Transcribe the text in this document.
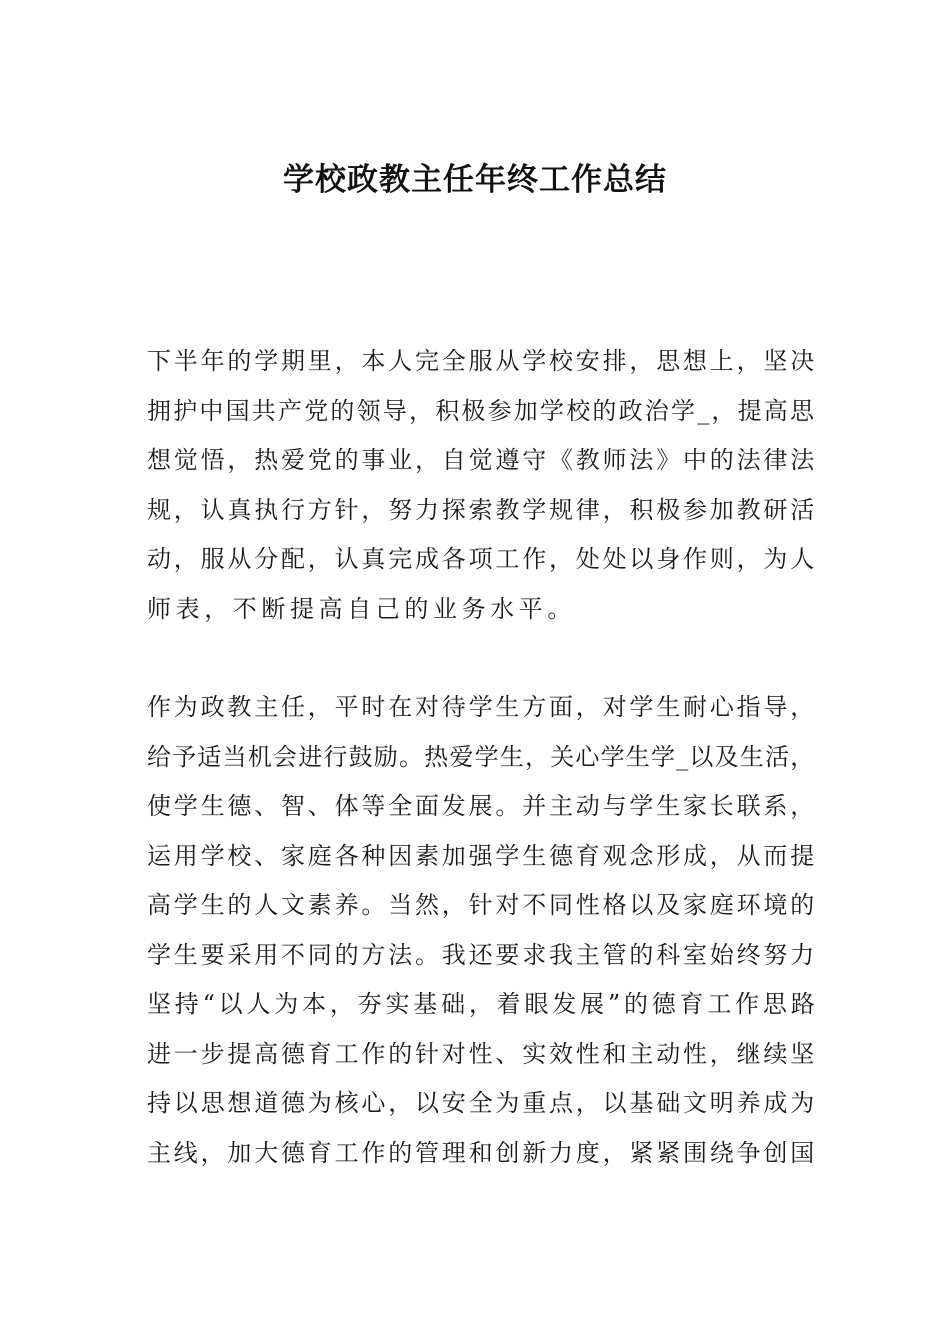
学校政教主任年终工作总结
下半年的学期里，本人完全服从学校安排，思想上，坚决
拥护中国共产党的领导，积极参加学校的政治学_，提高思
想觉悟，热爱党的事业，自觉遵守《教师法》中的法律法
规，认真执行方针，努力探索教学规律，积极参加教研活
动，服从分配，认真完成各项工作，处处以身作则，为人
师表，不断提高自己的业务水平。
作为政教主任，平时在对待学生方面，对学生耐心指导，
给予适当机会进行鼓励。热爱学生，关心学生学_以及生活，
使学生德、智、体等全面发展。并主动与学生家长联系，
运用学校、家庭各种因素加强学生德育观念形成，从而提
高学生的人文素养。当然，针对不同性格以及家庭环境的
学生要采用不同的方法。我还要求我主管的科室始终努力
坚持“以人为本，夯实基础，着眼发展”的德育工作思路
进一步提高德育工作的针对性、实效性和主动性，继续坚
持以思想道德为核心，以安全为重点，以基础文明养成为
主线，加大德育工作的管理和创新力度，紧紧围绕争创国
